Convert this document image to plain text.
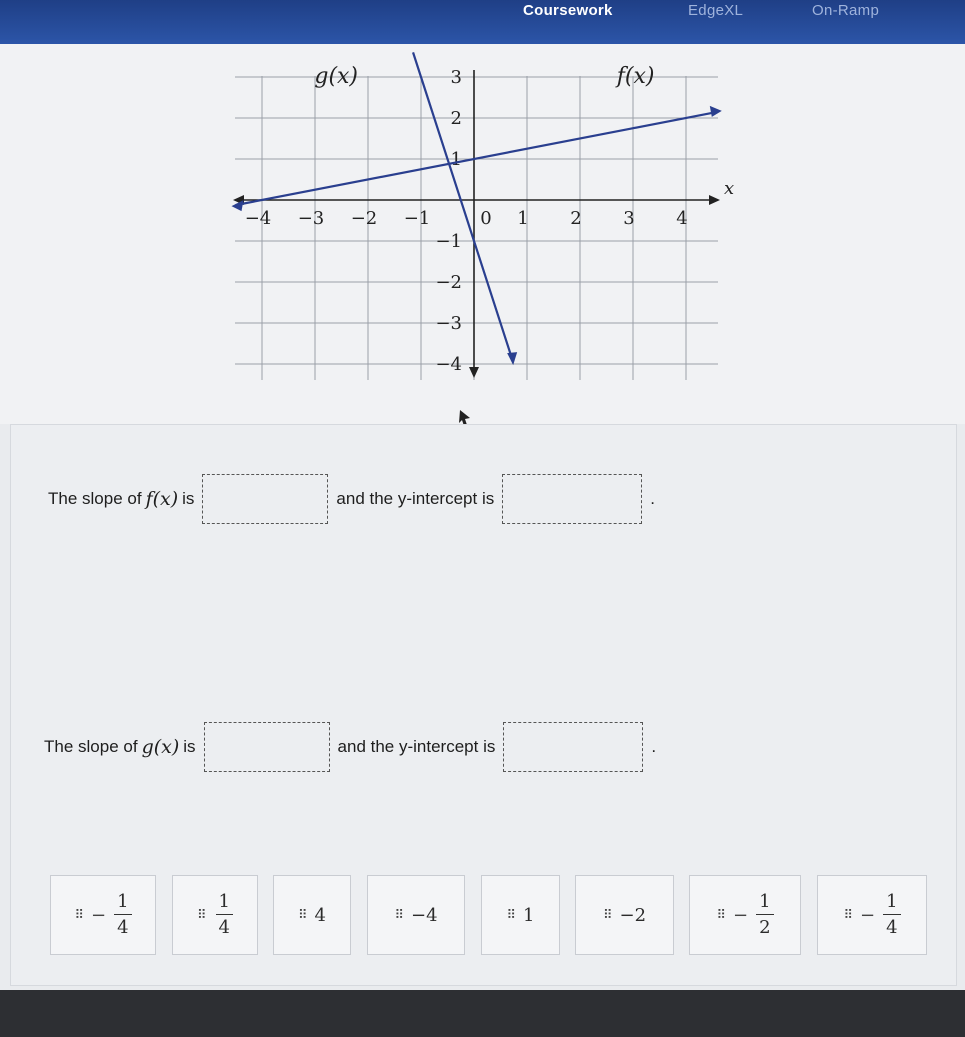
Coursework	EdgeXL	On-Ramp
−4 −3 −2 −1	0 1 2 3 4
3
2
1
−1
−2
−3
−4
x
g(x)	f(x)
The slope of f(x) is	and the y-intercept is	.
The slope of g(x) is	and the y-intercept is	.
⠿ − $\frac{1}{4}$	⠿ $\frac{1}{4}$	⠿ 4	⠿ −4	⠿ 1	⠿ −2	⠿ − $\frac{1}{2}$	⠿ − $\frac{1}{4}$
